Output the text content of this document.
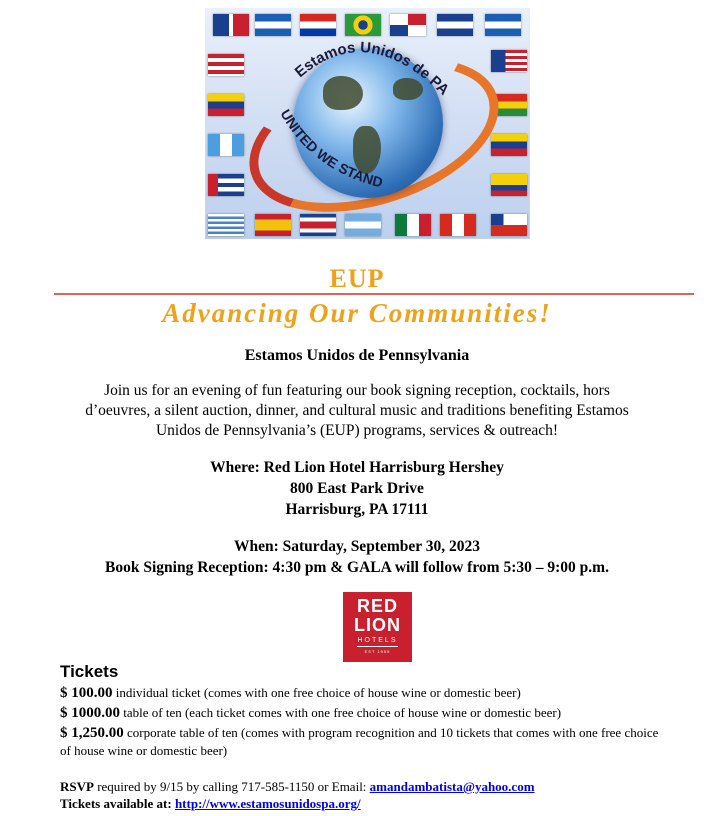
Estamos Unidos de PA
UNITED WE STAND
EUP
Advancing Our Communities!
Estamos Unidos de Pennsylvania
Join us for an evening of fun featuring our book signing reception, cocktails, hors d’oeuvres, a silent auction, dinner, and cultural music and traditions benefiting Estamos Unidos de Pennsylvania’s (EUP) programs, services & outreach!
Where: Red Lion Hotel Harrisburg Hershey
800 East Park Drive
Harrisburg, PA 17111
When: Saturday, September 30, 2023
Book Signing Reception: 4:30 pm & GALA will follow from 5:30 – 9:00 p.m.
RED
LION
HOTELS
EST 1959
Tickets
$ 100.00 individual ticket (comes with one free choice of house wine or domestic beer)
$ 1000.00 table of ten (each ticket comes with one free choice of house wine or domestic beer)
$ 1,250.00 corporate table of ten (comes with program recognition and 10 tickets that comes with one free choice of house wine or domestic beer)
RSVP required by 9/15 by calling 717-585-1150 or Email: amandambatista@yahoo.com
Tickets available at: http://www.estamosunidospa.org/
